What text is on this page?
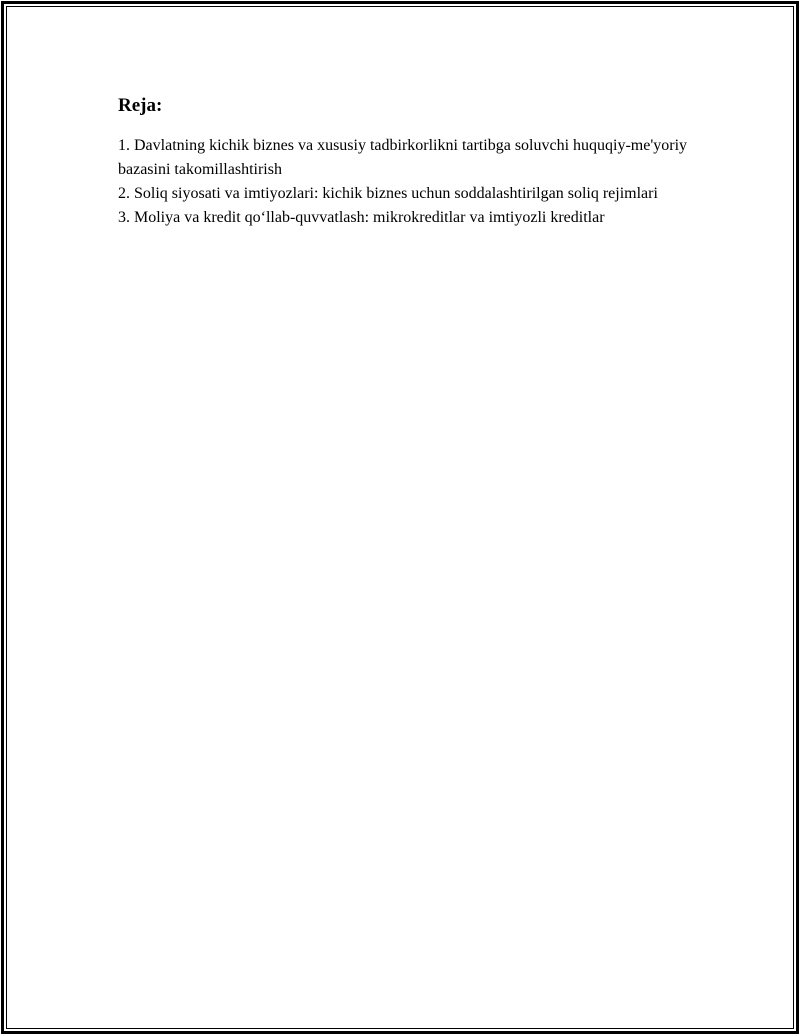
Reja:
1. Davlatning kichik biznes va xususiy tadbirkorlikni tartibga soluvchi huquqiy-me'yoriy bazasini takomillashtirish
2. Soliq siyosati va imtiyozlari: kichik biznes uchun soddalashtirilgan soliq rejimlari
3. Moliya va kredit qo‘llab-quvvatlash: mikrokreditlar va imtiyozli kreditlar
